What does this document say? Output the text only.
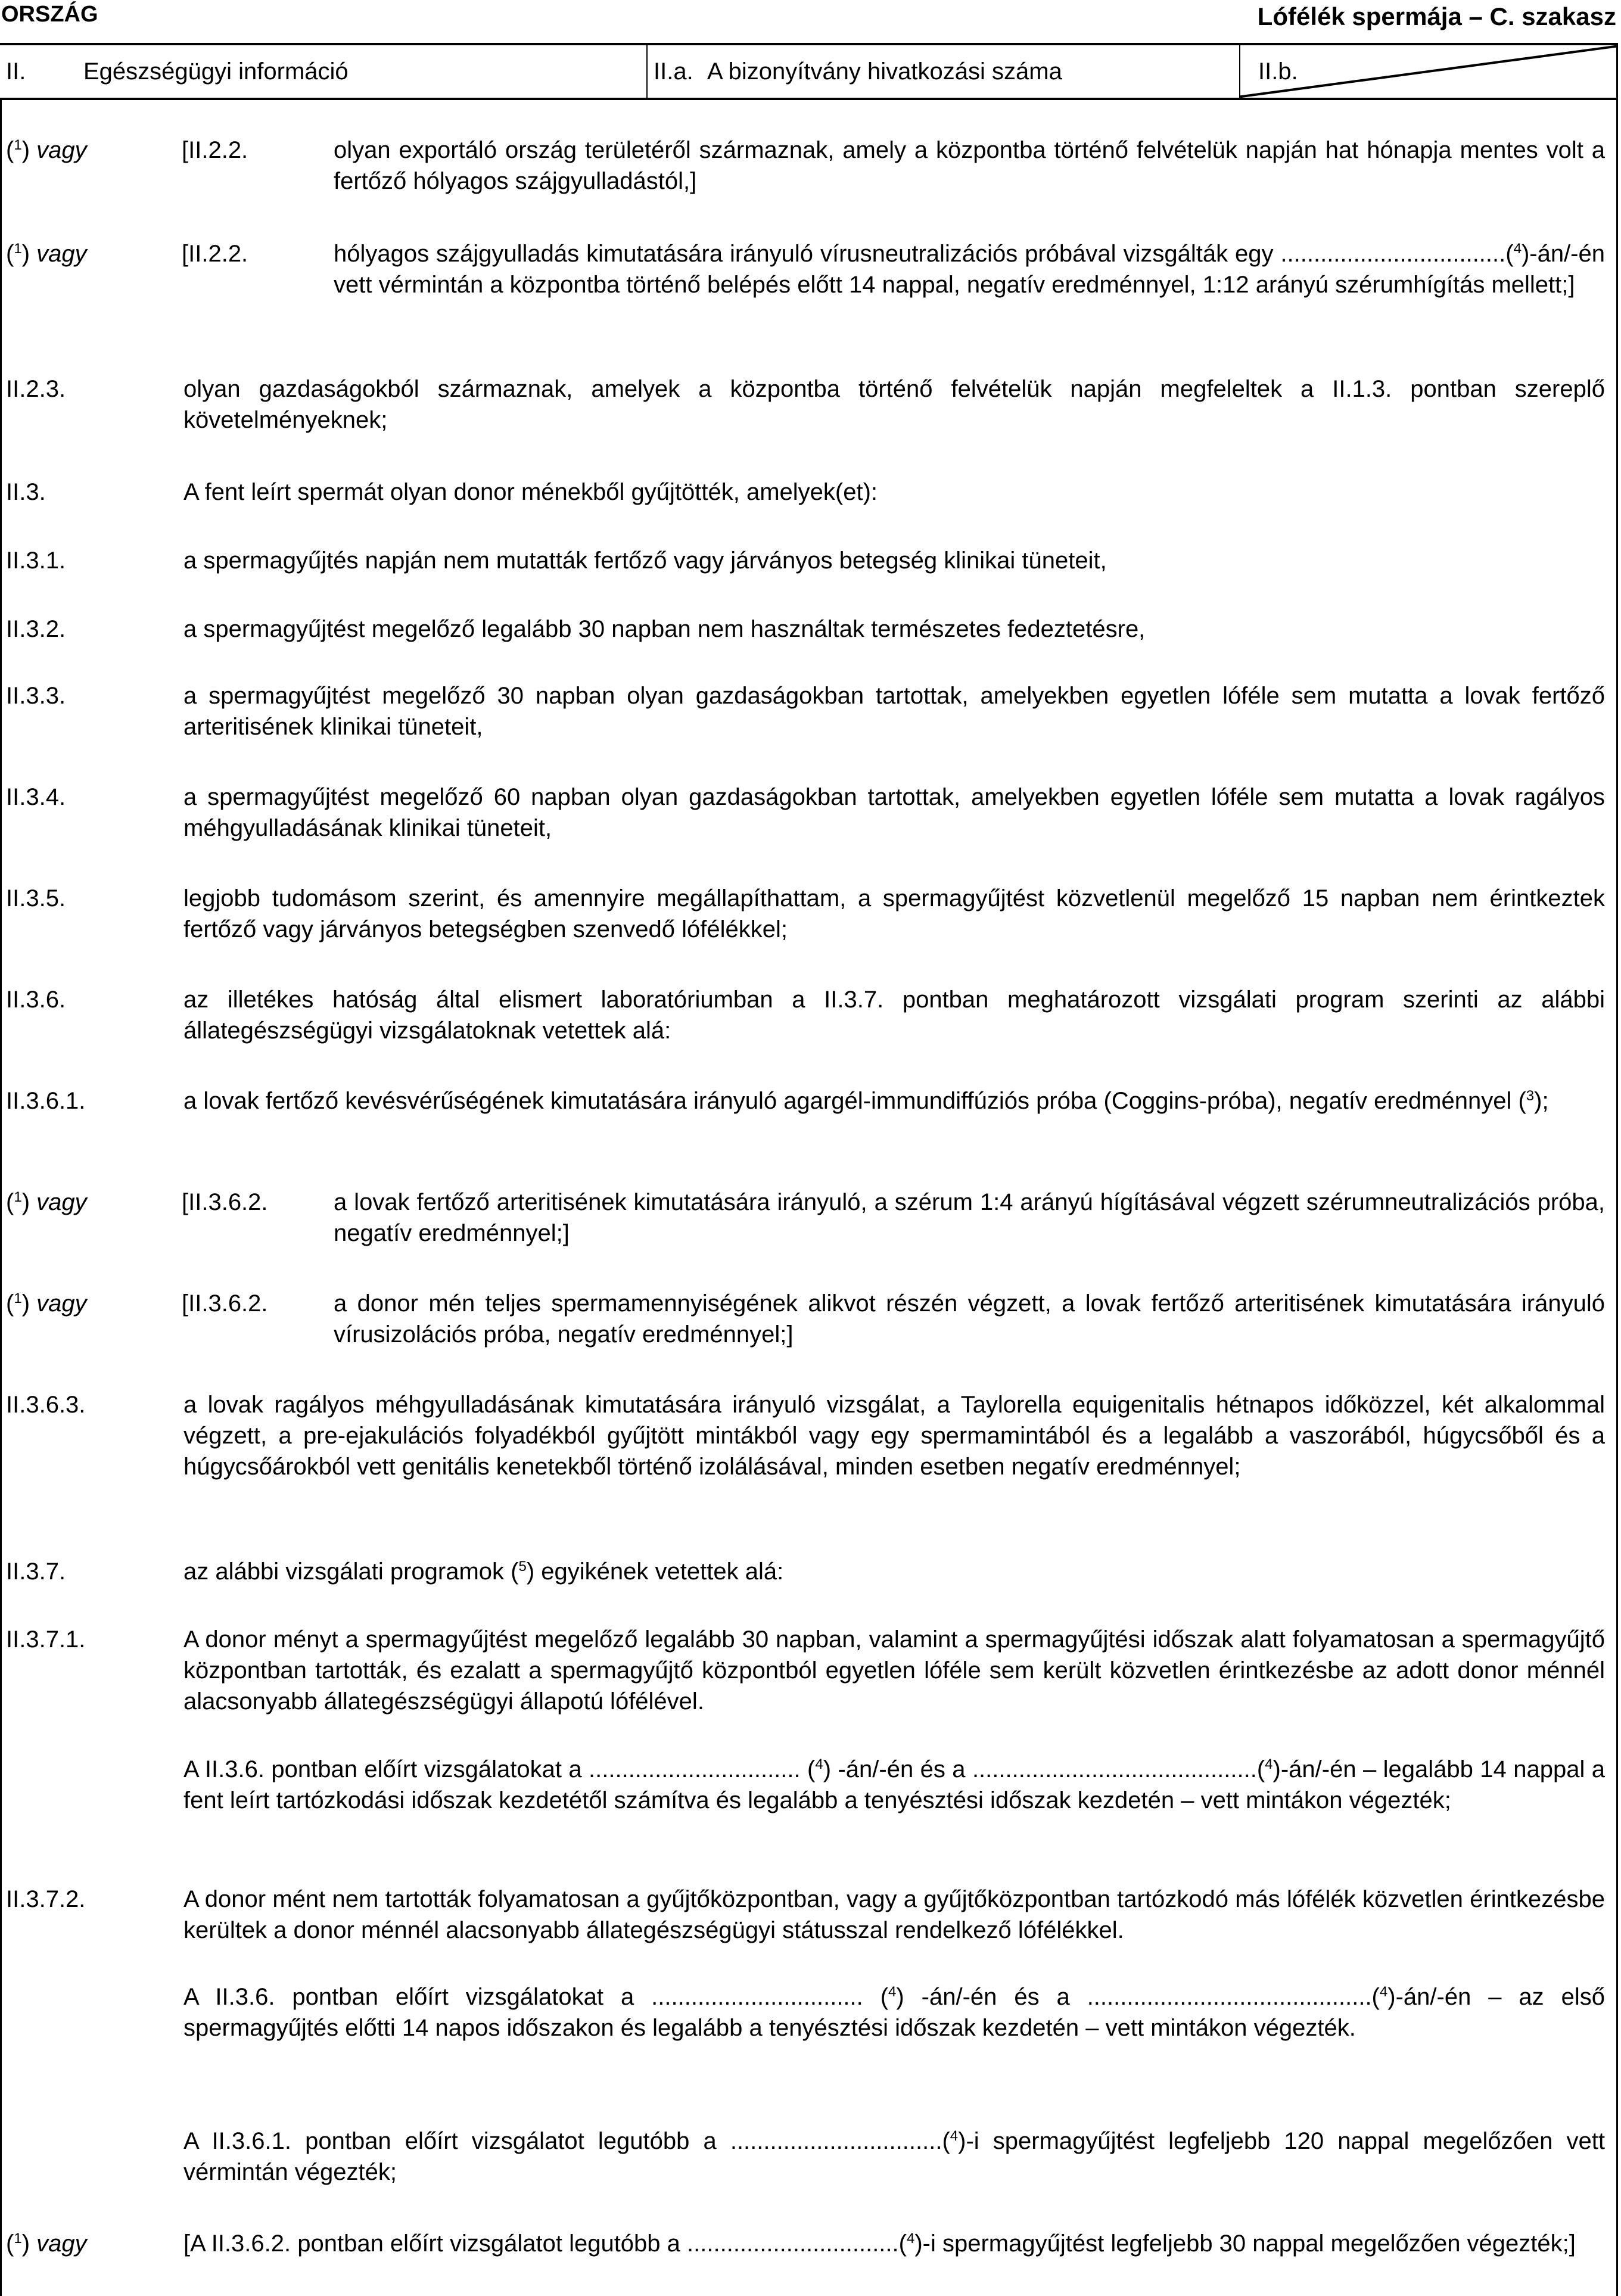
ORSZÁG	Lófélék spermája – C. szakasz
II.	Egészségügyi információ	II.a. A bizonyítvány hivatkozási száma	II.b.
($^1$) vagy	[II.2.2.	olyan exportáló ország területéről származnak, amely a központba történő felvételük napján hat hónapja mentes volt a fertőző hólyagos szájgyulladástól,]
($^1$) vagy	[II.2.2.	hólyagos szájgyulladás kimutatására irányuló vírusneutralizációs próbával vizsgálták egy ..................................($^4$)-án/-én vett vérmintán a központba történő belépés előtt 14 nappal, negatív eredménnyel, 1:12 arányú szérumhígítás mellett;]
II.2.3.	olyan gazdaságokból származnak, amelyek a központba történő felvételük napján megfeleltek a II.1.3. pontban szereplő követelményeknek;
II.3.	A fent leírt spermát olyan donor ménekből gyűjtötték, amelyek(et):
II.3.1.	a spermagyűjtés napján nem mutatták fertőző vagy járványos betegség klinikai tüneteit,
II.3.2.	a spermagyűjtést megelőző legalább 30 napban nem használtak természetes fedeztetésre,
II.3.3.	a spermagyűjtést megelőző 30 napban olyan gazdaságokban tartottak, amelyekben egyetlen lóféle sem mutatta a lovak fertőző arteritisének klinikai tüneteit,
II.3.4.	a spermagyűjtést megelőző 60 napban olyan gazdaságokban tartottak, amelyekben egyetlen lóféle sem mutatta a lovak ragályos méhgyulladásának klinikai tüneteit,
II.3.5.	legjobb tudomásom szerint, és amennyire megállapíthattam, a spermagyűjtést közvetlenül megelőző 15 napban nem érintkeztek fertőző vagy járványos betegségben szenvedő lófélékkel;
II.3.6.	az illetékes hatóság által elismert laboratóriumban a II.3.7. pontban meghatározott vizsgálati program szerinti az alábbi állategészségügyi vizsgálatoknak vetettek alá:
II.3.6.1.	a lovak fertőző kevésvérűségének kimutatására irányuló agargél-immundiffúziós próba (Coggins-próba), negatív eredménnyel ($^3$);
($^1$) vagy	[II.3.6.2.	a lovak fertőző arteritisének kimutatására irányuló, a szérum 1:4 arányú hígításával végzett szérumneutralizációs próba, negatív eredménnyel;]
($^1$) vagy	[II.3.6.2.	a donor mén teljes spermamennyiségének alikvot részén végzett, a lovak fertőző arteritisének kimutatására irányuló vírusizolációs próba, negatív eredménnyel;]
II.3.6.3.	a lovak ragályos méhgyulladásának kimutatására irányuló vizsgálat, a Taylorella equigenitalis hétnapos időközzel, két alkalommal végzett, a pre-ejakulációs folyadékból gyűjtött mintákból vagy egy spermamintából és a legalább a vaszorából, húgycsőből és a húgycsőárokból vett genitális kenetekből történő izolálásával, minden esetben negatív eredménnyel;
II.3.7.	az alábbi vizsgálati programok ($^5$) egyikének vetettek alá:
II.3.7.1.	A donor ményt a spermagyűjtést megelőző legalább 30 napban, valamint a spermagyűjtési időszak alatt folyamatosan a spermagyűjtő központban tartották, és ezalatt a spermagyűjtő központból egyetlen lóféle sem került közvetlen érintkezésbe az adott donor ménnél alacsonyabb állategészségügyi állapotú lófélével.
A II.3.6. pontban előírt vizsgálatokat a ................................ ($^4$) -án/-én és a ...........................................($^4$)-án/-én – legalább 14 nappal a fent leírt tartózkodási időszak kezdetétől számítva és legalább a tenyésztési időszak kezdetén – vett mintákon végezték;
II.3.7.2.	A donor mént nem tartották folyamatosan a gyűjtőközpontban, vagy a gyűjtőközpontban tartózkodó más lófélék közvetlen érintkezésbe kerültek a donor ménnél alacsonyabb állategészségügyi státusszal rendelkező lófélékkel.
A II.3.6. pontban előírt vizsgálatokat a ................................ ($^4$) -án/-én és a ...........................................($^4$)-án/-én – az első spermagyűjtés előtti 14 napos időszakon és legalább a tenyésztési időszak kezdetén – vett mintákon végezték.
A II.3.6.1. pontban előírt vizsgálatot legutóbb a ................................($^4$)-i spermagyűjtést legfeljebb 120 nappal megelőzően vett vérmintán végezték;
($^1$) vagy	[A II.3.6.2. pontban előírt vizsgálatot legutóbb a ................................($^4$)-i spermagyűjtést legfeljebb 30 nappal megelőzően végezték;]
